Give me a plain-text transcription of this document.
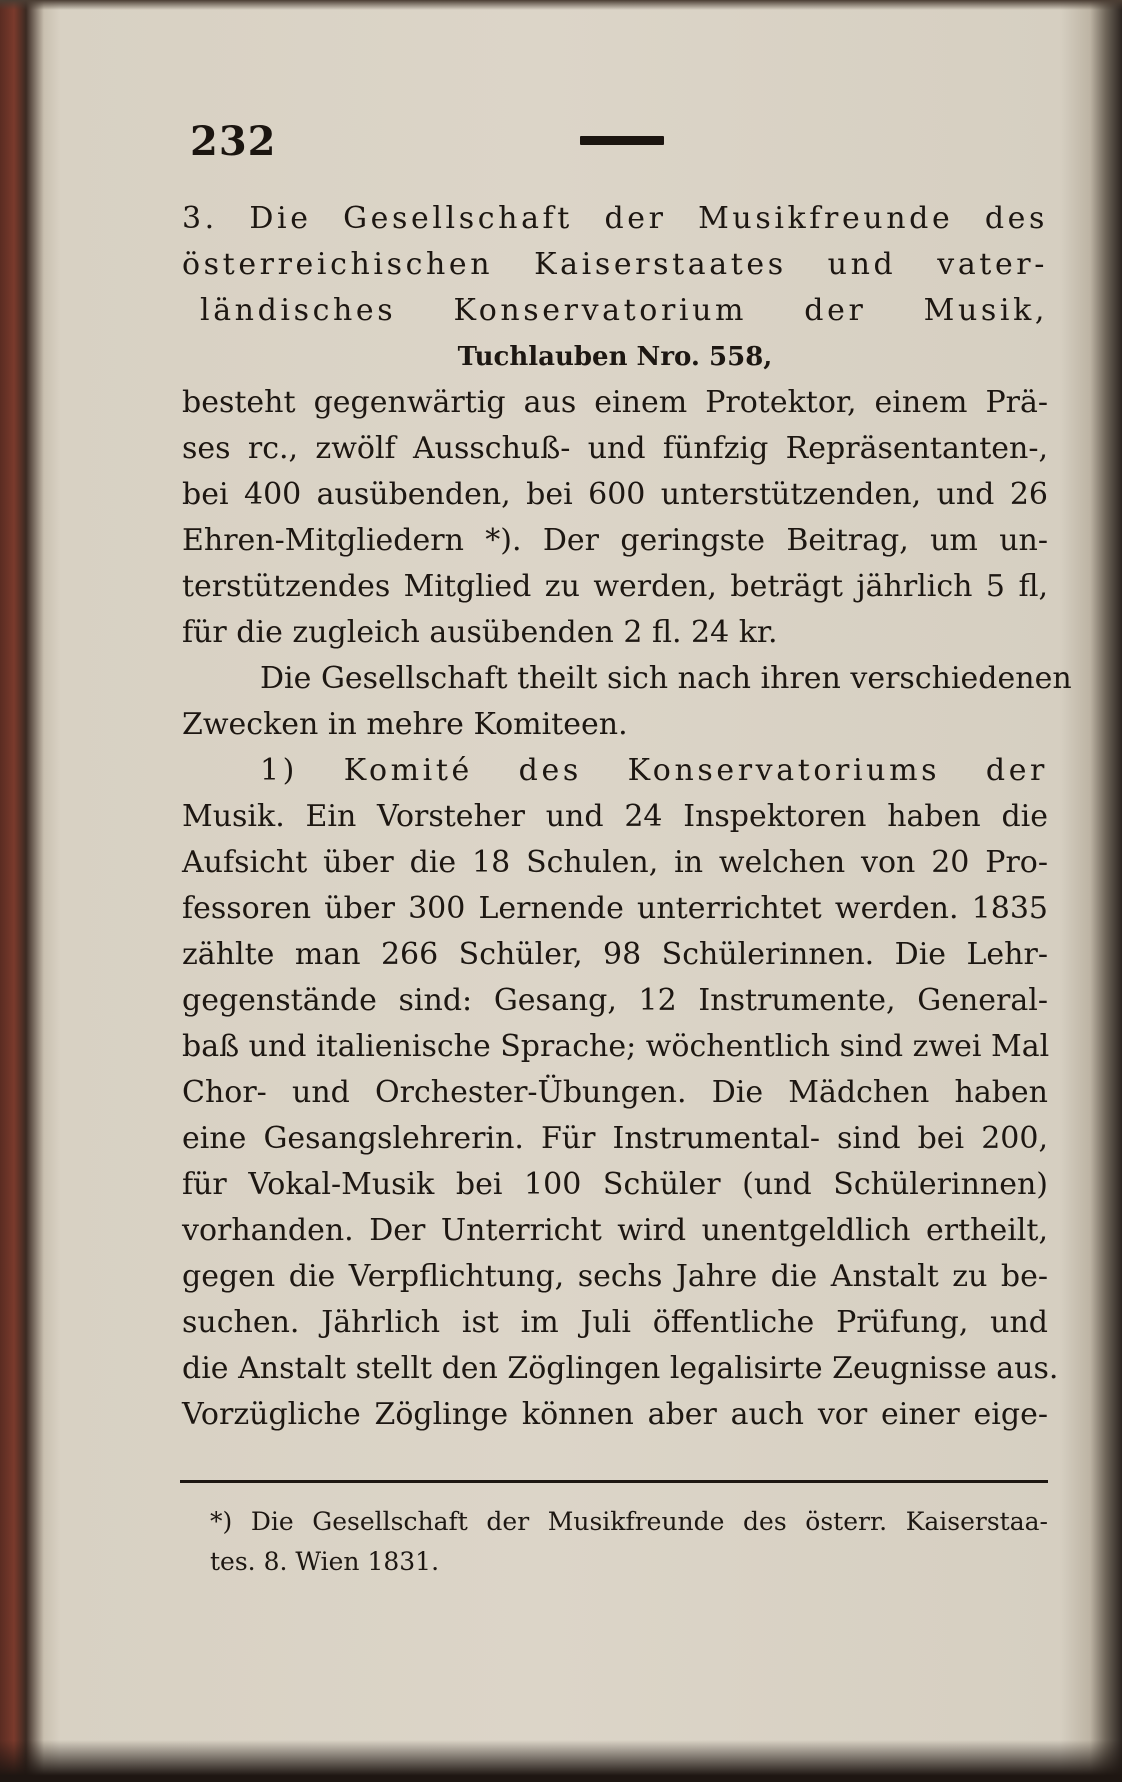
232
3. Die Gesellschaft der Musikfreunde des
österreichischen Kaiserstaates und vater-
ländisches Konservatorium der Musik,
Tuchlauben Nro. 558,
besteht gegenwärtig aus einem Protektor, einem Prä-
ses rc., zwölf Ausschuß- und fünfzig Repräsentanten-,
bei 400 ausübenden, bei 600 unterstützenden, und 26
Ehren-Mitgliedern *). Der geringste Beitrag, um un-
terstützendes Mitglied zu werden, beträgt jährlich 5 fl,
für die zugleich ausübenden 2 fl. 24 kr.
Die Gesellschaft theilt sich nach ihren verschiedenen
Zwecken in mehre Komiteen.
1) Komité des Konservatoriums der
Musik. Ein Vorsteher und 24 Inspektoren haben die
Aufsicht über die 18 Schulen, in welchen von 20 Pro-
fessoren über 300 Lernende unterrichtet werden. 1835
zählte man 266 Schüler, 98 Schülerinnen. Die Lehr-
gegenstände sind: Gesang, 12 Instrumente, General-
baß und italienische Sprache; wöchentlich sind zwei Mal
Chor- und Orchester-Übungen. Die Mädchen haben
eine Gesangslehrerin. Für Instrumental- sind bei 200,
für Vokal-Musik bei 100 Schüler (und Schülerinnen)
vorhanden. Der Unterricht wird unentgeldlich ertheilt,
gegen die Verpflichtung, sechs Jahre die Anstalt zu be-
suchen. Jährlich ist im Juli öffentliche Prüfung, und
die Anstalt stellt den Zöglingen legalisirte Zeugnisse aus.
Vorzügliche Zöglinge können aber auch vor einer eige-
*) Die Gesellschaft der Musikfreunde des österr. Kaiserstaa-
tes. 8. Wien 1831.
